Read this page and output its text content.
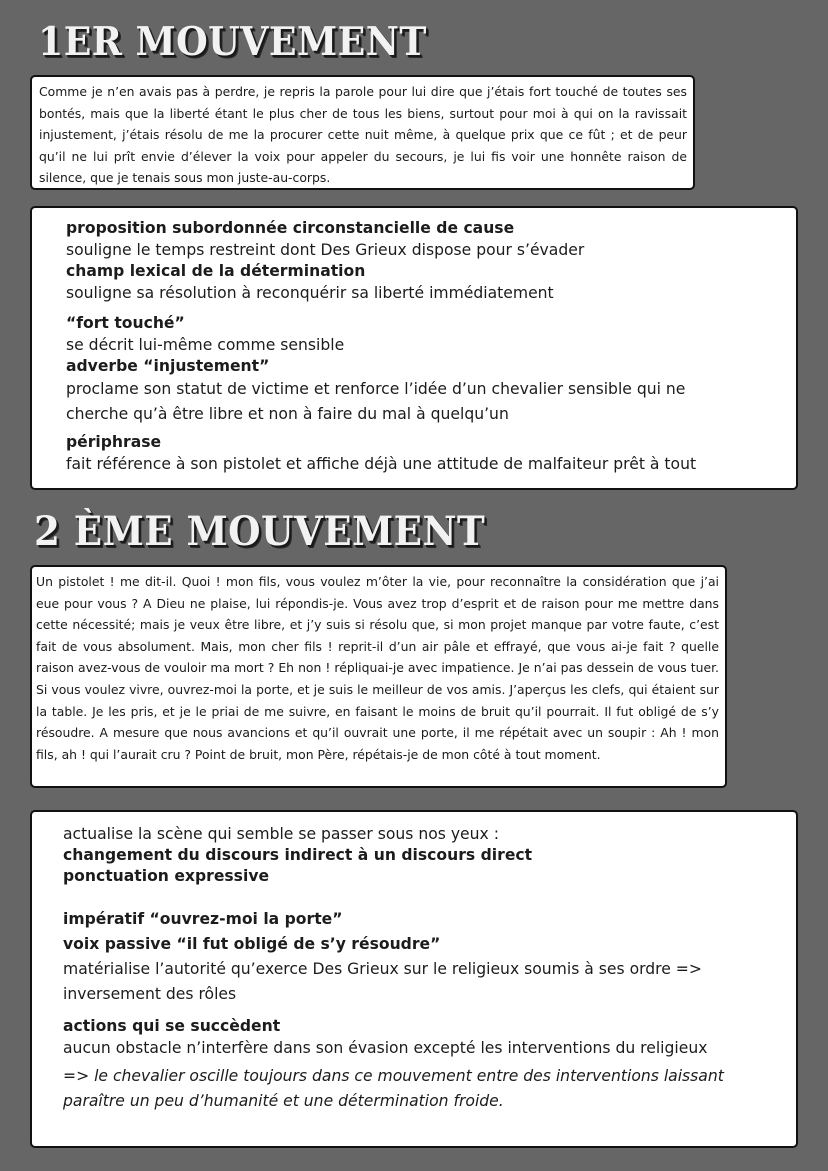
1ER MOUVEMENT
Comme je n’en avais pas à perdre, je repris la parole pour lui dire que j’étais fort touché de toutes ses bontés, mais que la liberté étant le plus cher de tous les biens, surtout pour moi à qui on la ravissait injustement, j’étais résolu de me la procurer cette nuit même, à quelque prix que ce fût ; et de peur qu’il ne lui prît envie d’élever la voix pour appeler du secours, je lui fis voir une honnête raison de silence, que je tenais sous mon juste-au-corps.
proposition subordonnée circonstancielle de cause
souligne le temps restreint dont Des Grieux dispose pour s’évader
champ lexical de la détermination
souligne sa résolution à reconquérir sa liberté immédiatement
“fort touché”
se décrit lui-même comme sensible
adverbe “injustement”
proclame son statut de victime et renforce l’idée d’un chevalier sensible qui ne
cherche qu’à être libre et non à faire du mal à quelqu’un
périphrase
fait référence à son pistolet et affiche déjà une attitude de malfaiteur prêt à tout
2 ÈME MOUVEMENT
Un pistolet ! me dit-il. Quoi ! mon fils, vous voulez m’ôter la vie, pour reconnaître la considération que j’ai eue pour vous ? A Dieu ne plaise, lui répondis-je. Vous avez trop d’esprit et de raison pour me mettre dans cette nécessité; mais je veux être libre, et j’y suis si résolu que, si mon projet manque par votre faute, c’est fait de vous absolument. Mais, mon cher fils ! reprit-il d’un air pâle et effrayé, que vous ai-je fait ? quelle raison avez-vous de vouloir ma mort ? Eh non ! répliquai-je avec impatience. Je n’ai pas dessein de vous tuer. Si vous voulez vivre, ouvrez-moi la porte, et je suis le meilleur de vos amis. J’aperçus les clefs, qui étaient sur la table. Je les pris, et je le priai de me suivre, en faisant le moins de bruit qu’il pourrait. Il fut obligé de s’y résoudre. A mesure que nous avancions et qu’il ouvrait une porte, il me répétait avec un soupir : Ah ! mon fils, ah ! qui l’aurait cru ? Point de bruit, mon Père, répétais-je de mon côté à tout moment.
actualise la scène qui semble se passer sous nos yeux :
changement du discours indirect à un discours direct
ponctuation expressive
impératif “ouvrez-moi la porte”
voix passive “il fut obligé de s’y résoudre”
matérialise l’autorité qu’exerce Des Grieux sur le religieux soumis à ses ordre =>
inversement des rôles
actions qui se succèdent
aucun obstacle n’interfère dans son évasion excepté les interventions du religieux
=> le chevalier oscille toujours dans ce mouvement entre des interventions laissant
paraître un peu d’humanité et une détermination froide.
